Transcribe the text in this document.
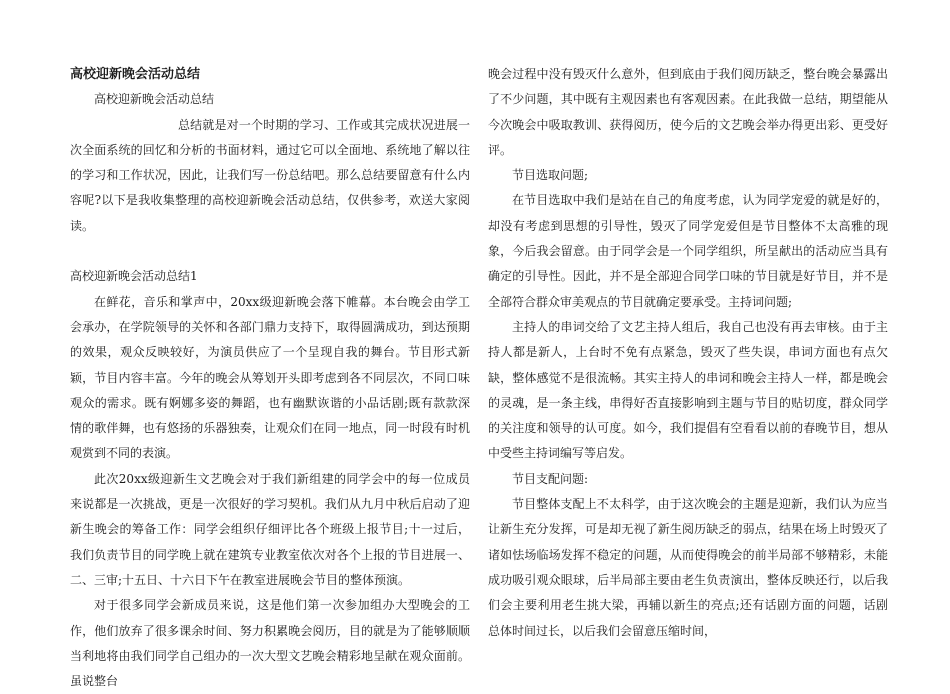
高校迎新晚会活动总结

高校迎新晚会活动总结

总结就是对一个时期的学习、工作或其完成状况进展一次全面系统的回忆和分析的书面材料，通过它可以全面地、系统地了解以往的学习和工作状况，因此，让我们写一份总结吧。那么总结要留意有什么内容呢?以下是我收集整理的高校迎新晚会活动总结，仅供参考，欢送大家阅读。

高校迎新晚会活动总结1

在鲜花，音乐和掌声中，20xx级迎新晚会落下帷幕。本台晚会由学工会承办，在学院领导的关怀和各部门鼎力支持下，取得圆满成功，到达预期的效果，观众反映较好，为演员供应了一个呈现自我的舞台。节目形式新颖，节目内容丰富。今年的晚会从筹划开头即考虑到各不同层次，不同口味观众的需求。既有婀娜多姿的舞蹈，也有幽默诙谐的小品话剧;既有款款深情的歌伴舞，也有悠扬的乐器独奏，让观众们在同一地点，同一时段有时机观赏到不同的表演。

此次20xx级迎新生文艺晚会对于我们新组建的同学会中的每一位成员来说都是一次挑战，更是一次很好的学习契机。我们从九月中秋后启动了迎新生晚会的筹备工作：同学会组织仔细评比各个班级上报节目;十一过后，我们负责节目的同学晚上就在建筑专业教室依次对各个上报的节目进展一、二、三审;十五日、十六日下午在教室进展晚会节目的整体预演。

对于很多同学会新成员来说，这是他们第一次参加组办大型晚会的工作，他们放弃了很多课余时间、努力积累晚会阅历，目的就是为了能够顺顺当利地将由我们同学自己组办的一次大型文艺晚会精彩地呈献在观众面前。虽说整台

晚会过程中没有毁灭什么意外，但到底由于我们阅历缺乏，整台晚会暴露出了不少问题，其中既有主观因素也有客观因素。在此我做一总结，期望能从今次晚会中吸取教训、获得阅历，使今后的文艺晚会举办得更出彩、更受好评。

节目选取问题;

在节目选取中我们是站在自己的角度考虑，认为同学宠爱的就是好的，却没有考虑到思想的引导性，毁灭了同学宠爱但是节目整体不太高雅的现象，今后我会留意。由于同学会是一个同学组织，所呈献出的活动应当具有确定的引导性。因此，并不是全部迎合同学口味的节目就是好节目，并不是全部符合群众审美观点的节目就确定要承受。主持词问题;

主持人的串词交给了文艺主持人组后，我自己也没有再去审核。由于主持人都是新人，上台时不免有点紧急，毁灭了些失误，串词方面也有点欠缺，整体感觉不是很流畅。其实主持人的串词和晚会主持人一样，都是晚会的灵魂，是一条主线，串得好否直接影响到主题与节目的贴切度，群众同学的关注度和领导的认可度。如今，我们提倡有空看看以前的春晚节目，想从中受些主持词编写等启发。

节目支配问题:

节目整体支配上不太科学，由于这次晚会的主题是迎新，我们认为应当让新生充分发挥，可是却无视了新生阅历缺乏的弱点，结果在场上时毁灭了诸如怯场临场发挥不稳定的问题，从而使得晚会的前半局部不够精彩，未能成功吸引观众眼球，后半局部主要由老生负责演出，整体反映还行，以后我们会主要利用老生挑大梁，再辅以新生的亮点;还有话剧方面的问题，话剧总体时间过长，以后我们会留意压缩时间，
